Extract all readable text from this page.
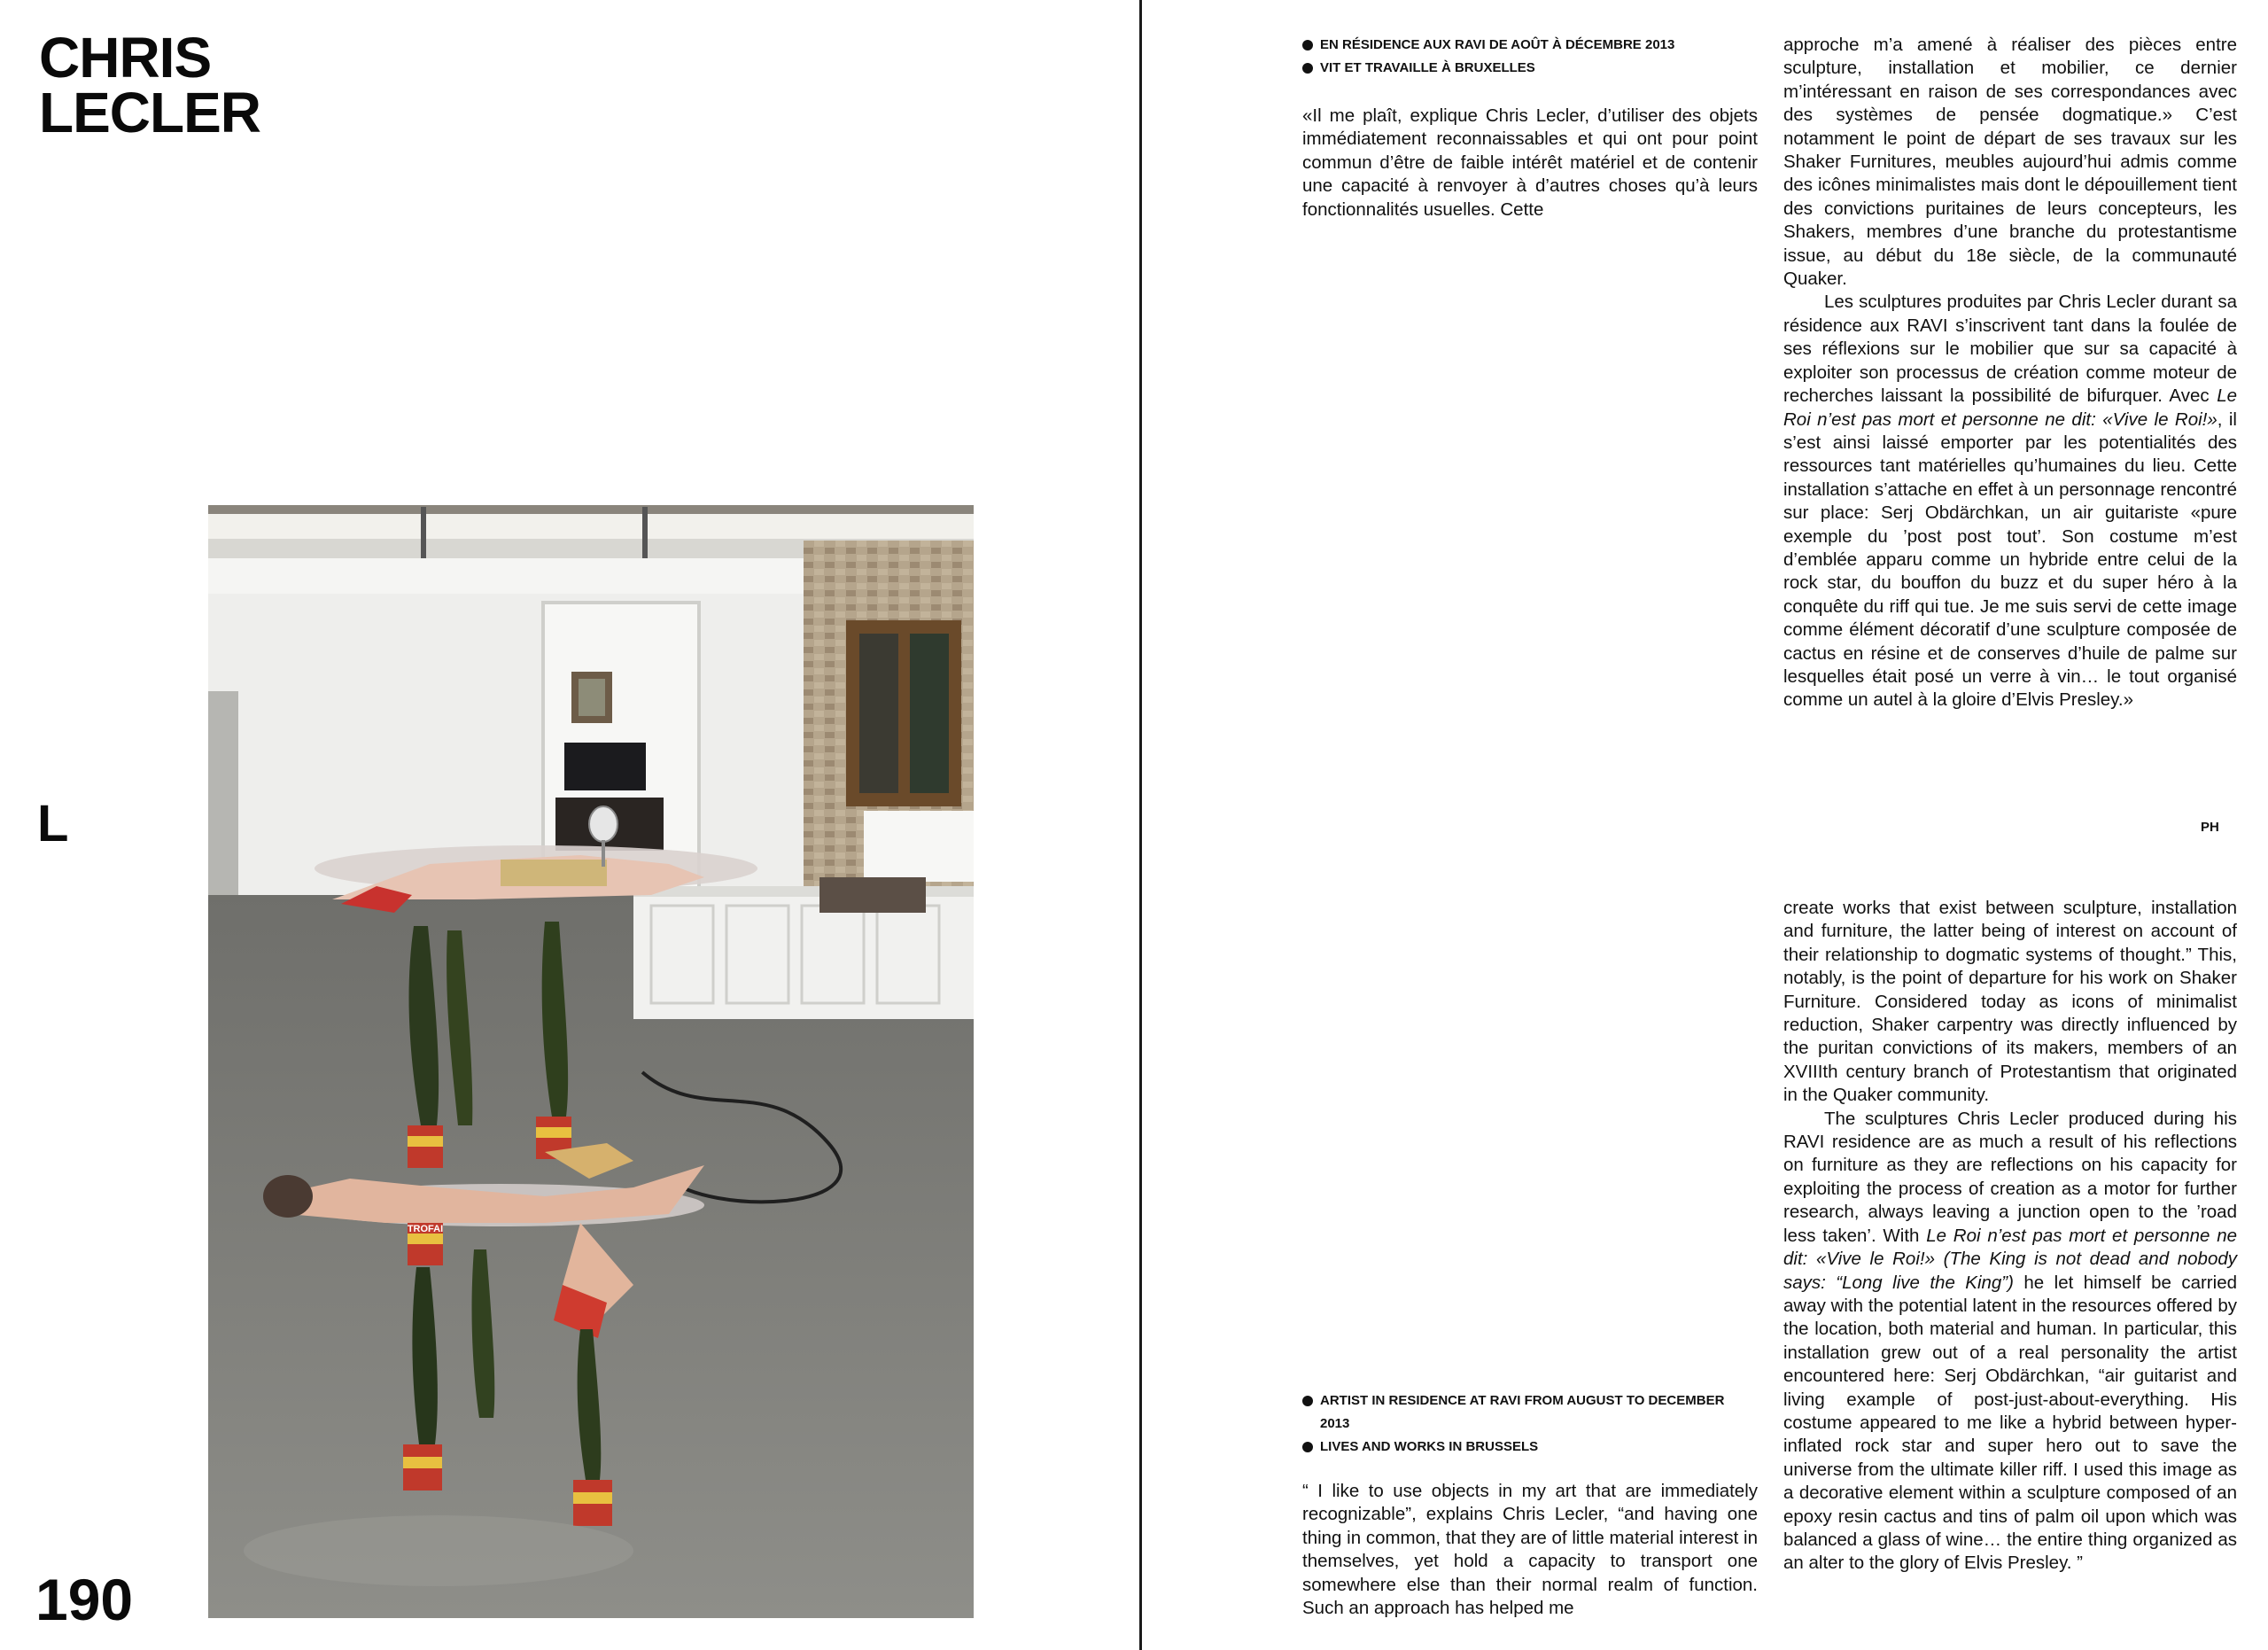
CHRIS
LECLER
L
190
TROFAI
EN RÉSIDENCE AUX RAVI DE AOÛT À DÉCEMBRE 2013
VIT ET TRAVAILLE À BRUXELLES

«Il me plaît, explique Chris Lecler, d’utiliser des objets immédiatement reconnaissables et qui ont pour point commun d’être de faible intérêt matériel et de contenir une capacité à renvoyer à d’autres choses qu’à leurs fonctionnalités usuelles. Cette

approche m’a amené à réaliser des pièces entre sculpture, installation et mobilier, ce dernier m’intéressant en raison de ses correspondances avec des systèmes de pensée dogmatique.» C’est notamment le point de départ de ses travaux sur les Shaker Furnitures, meubles aujourd’hui admis comme des icônes minimalistes mais dont le dépouillement tient des convictions puritaines de leurs concepteurs, les Shakers, membres d’une branche du protestantisme issue, au début du 18e siècle, de la communauté Quaker.

Les sculptures produites par Chris Lecler durant sa résidence aux RAVI s’inscrivent tant dans la foulée de ses réflexions sur le mobilier que sur sa capacité à exploiter son processus de création comme moteur de recherches laissant la possibilité de bifurquer. Avec Le Roi n’est pas mort et personne ne dit: «Vive le Roi!», il s’est ainsi laissé emporter par les potentialités des ressources tant matérielles qu’humaines du lieu. Cette installation s’attache en effet à un personnage rencontré sur place: Serj Obdärchkan, un air guitariste «pure exemple du ’post post tout’. Son costume m’est d’emblée apparu comme un hybride entre celui de la rock star, du bouffon du buzz et du super héro à la conquête du riff qui tue. Je me suis servi de cette image comme élément décoratif d’une sculpture composée de cactus en résine et de conserves d’huile de palme sur lesquelles était posé un verre à vin… le tout organisé comme un autel à la gloire d’Elvis Presley.»

PH
ARTIST IN RESIDENCE AT RAVI FROM AUGUST TO DECEMBER 2013
LIVES AND WORKS IN BRUSSELS

“ I like to use objects in my art that are immediately recognizable”, explains Chris Lecler, “and having one thing in common, that they are of little material interest in themselves, yet hold a capacity to transport one somewhere else than their normal realm of function. Such an approach has helped me

create works that exist between sculpture, installation and furniture, the latter being of interest on account of their relationship to dogmatic systems of thought.” This, notably, is the point of departure for his work on Shaker Furniture. Considered today as icons of minimalist reduction, Shaker carpentry was directly influenced by the puritan convictions of its makers, members of an XVIIIth century branch of Protestantism that originated in the Quaker community.

The sculptures Chris Lecler produced during his RAVI residence are as much a result of his reflections on furniture as they are reflections on his capacity for exploiting the process of creation as a motor for further research, always leaving a junction open to the ’road less taken’. With Le Roi n’est pas mort et personne ne dit: «Vive le Roi!» (The King is not dead and nobody says: “Long live the King”) he let himself be carried away with the potential latent in the resources offered by the location, both material and human. In particular, this installation grew out of a real personality the artist encountered here: Serj Obdärchkan, “air guitarist and living example of post-just-about-everything. His costume appeared to me like a hybrid between hyper-inflated rock star and super hero out to save the universe from the ultimate killer riff. I used this image as a decorative element within a sculpture composed of an epoxy resin cactus and tins of palm oil upon which was balanced a glass of wine… the entire thing organized as an alter to the glory of Elvis Presley. ”
